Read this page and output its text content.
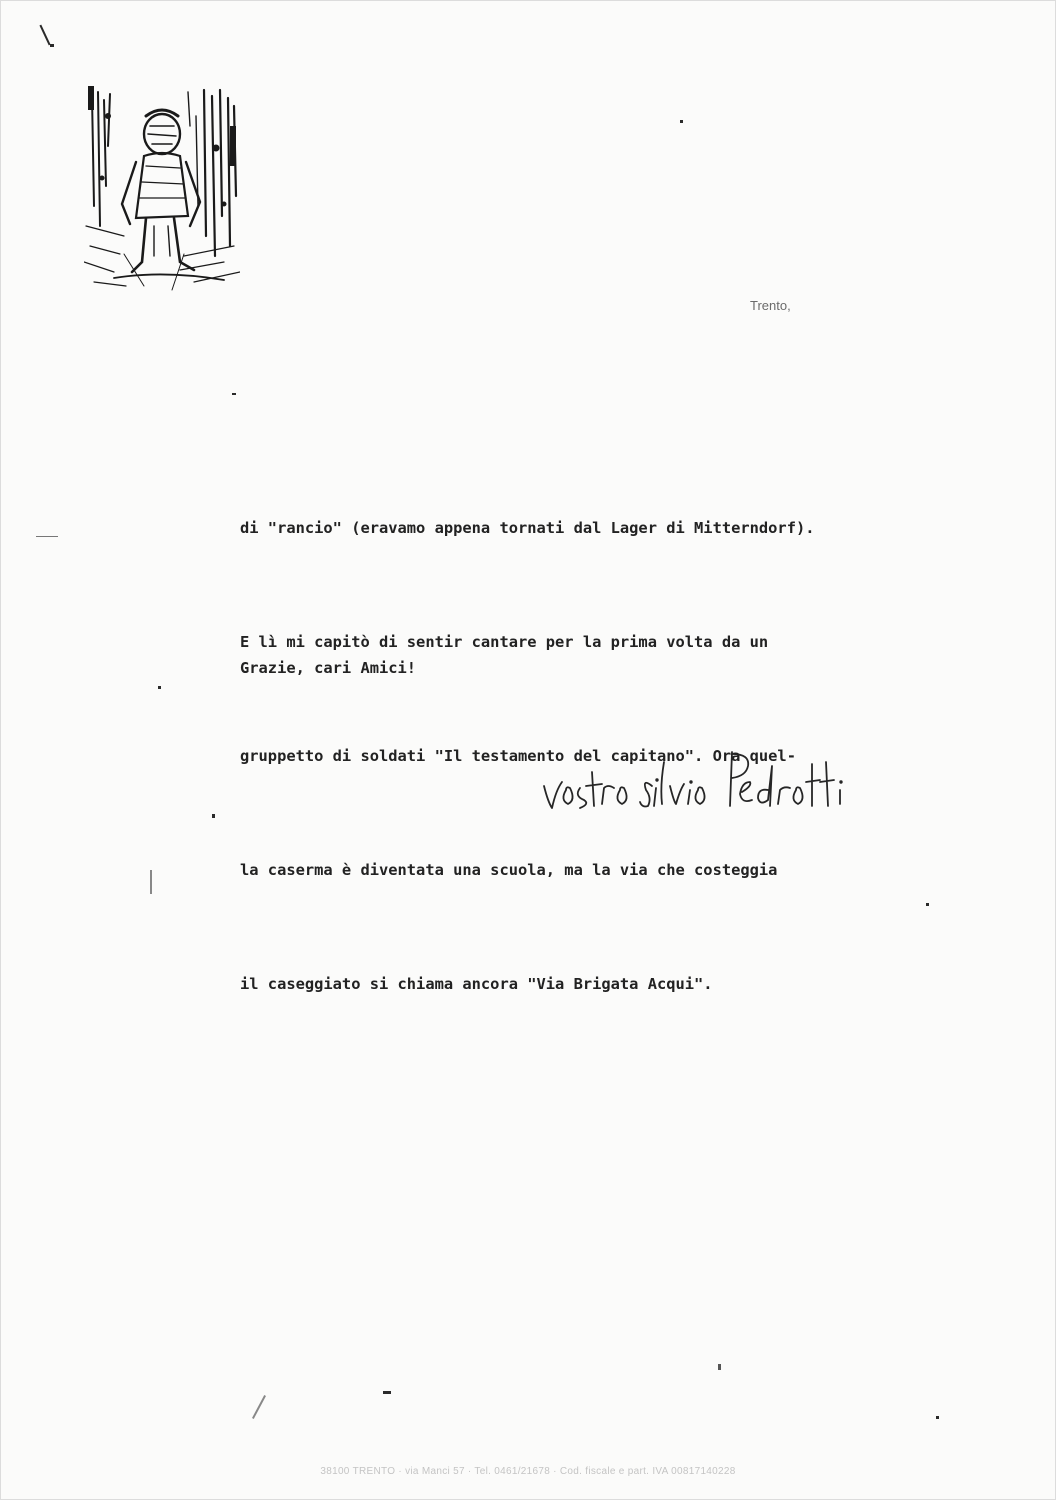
Trento,

di "rancio" (eravamo appena tornati dal Lager di Mitterndorf).

E lì mi capitò di sentir cantare per la prima volta da un

gruppetto di soldati "Il testamento del capitano". Ora quel-

la caserma è diventata una scuola, ma la via che costeggia

il caseggiato si chiama ancora "Via Brigata Acqui".

Grazie, cari Amici!
38100 TRENTO · via Manci 57 · Tel. 0461/21678 · Cod. fiscale e part. IVA 00817140228
